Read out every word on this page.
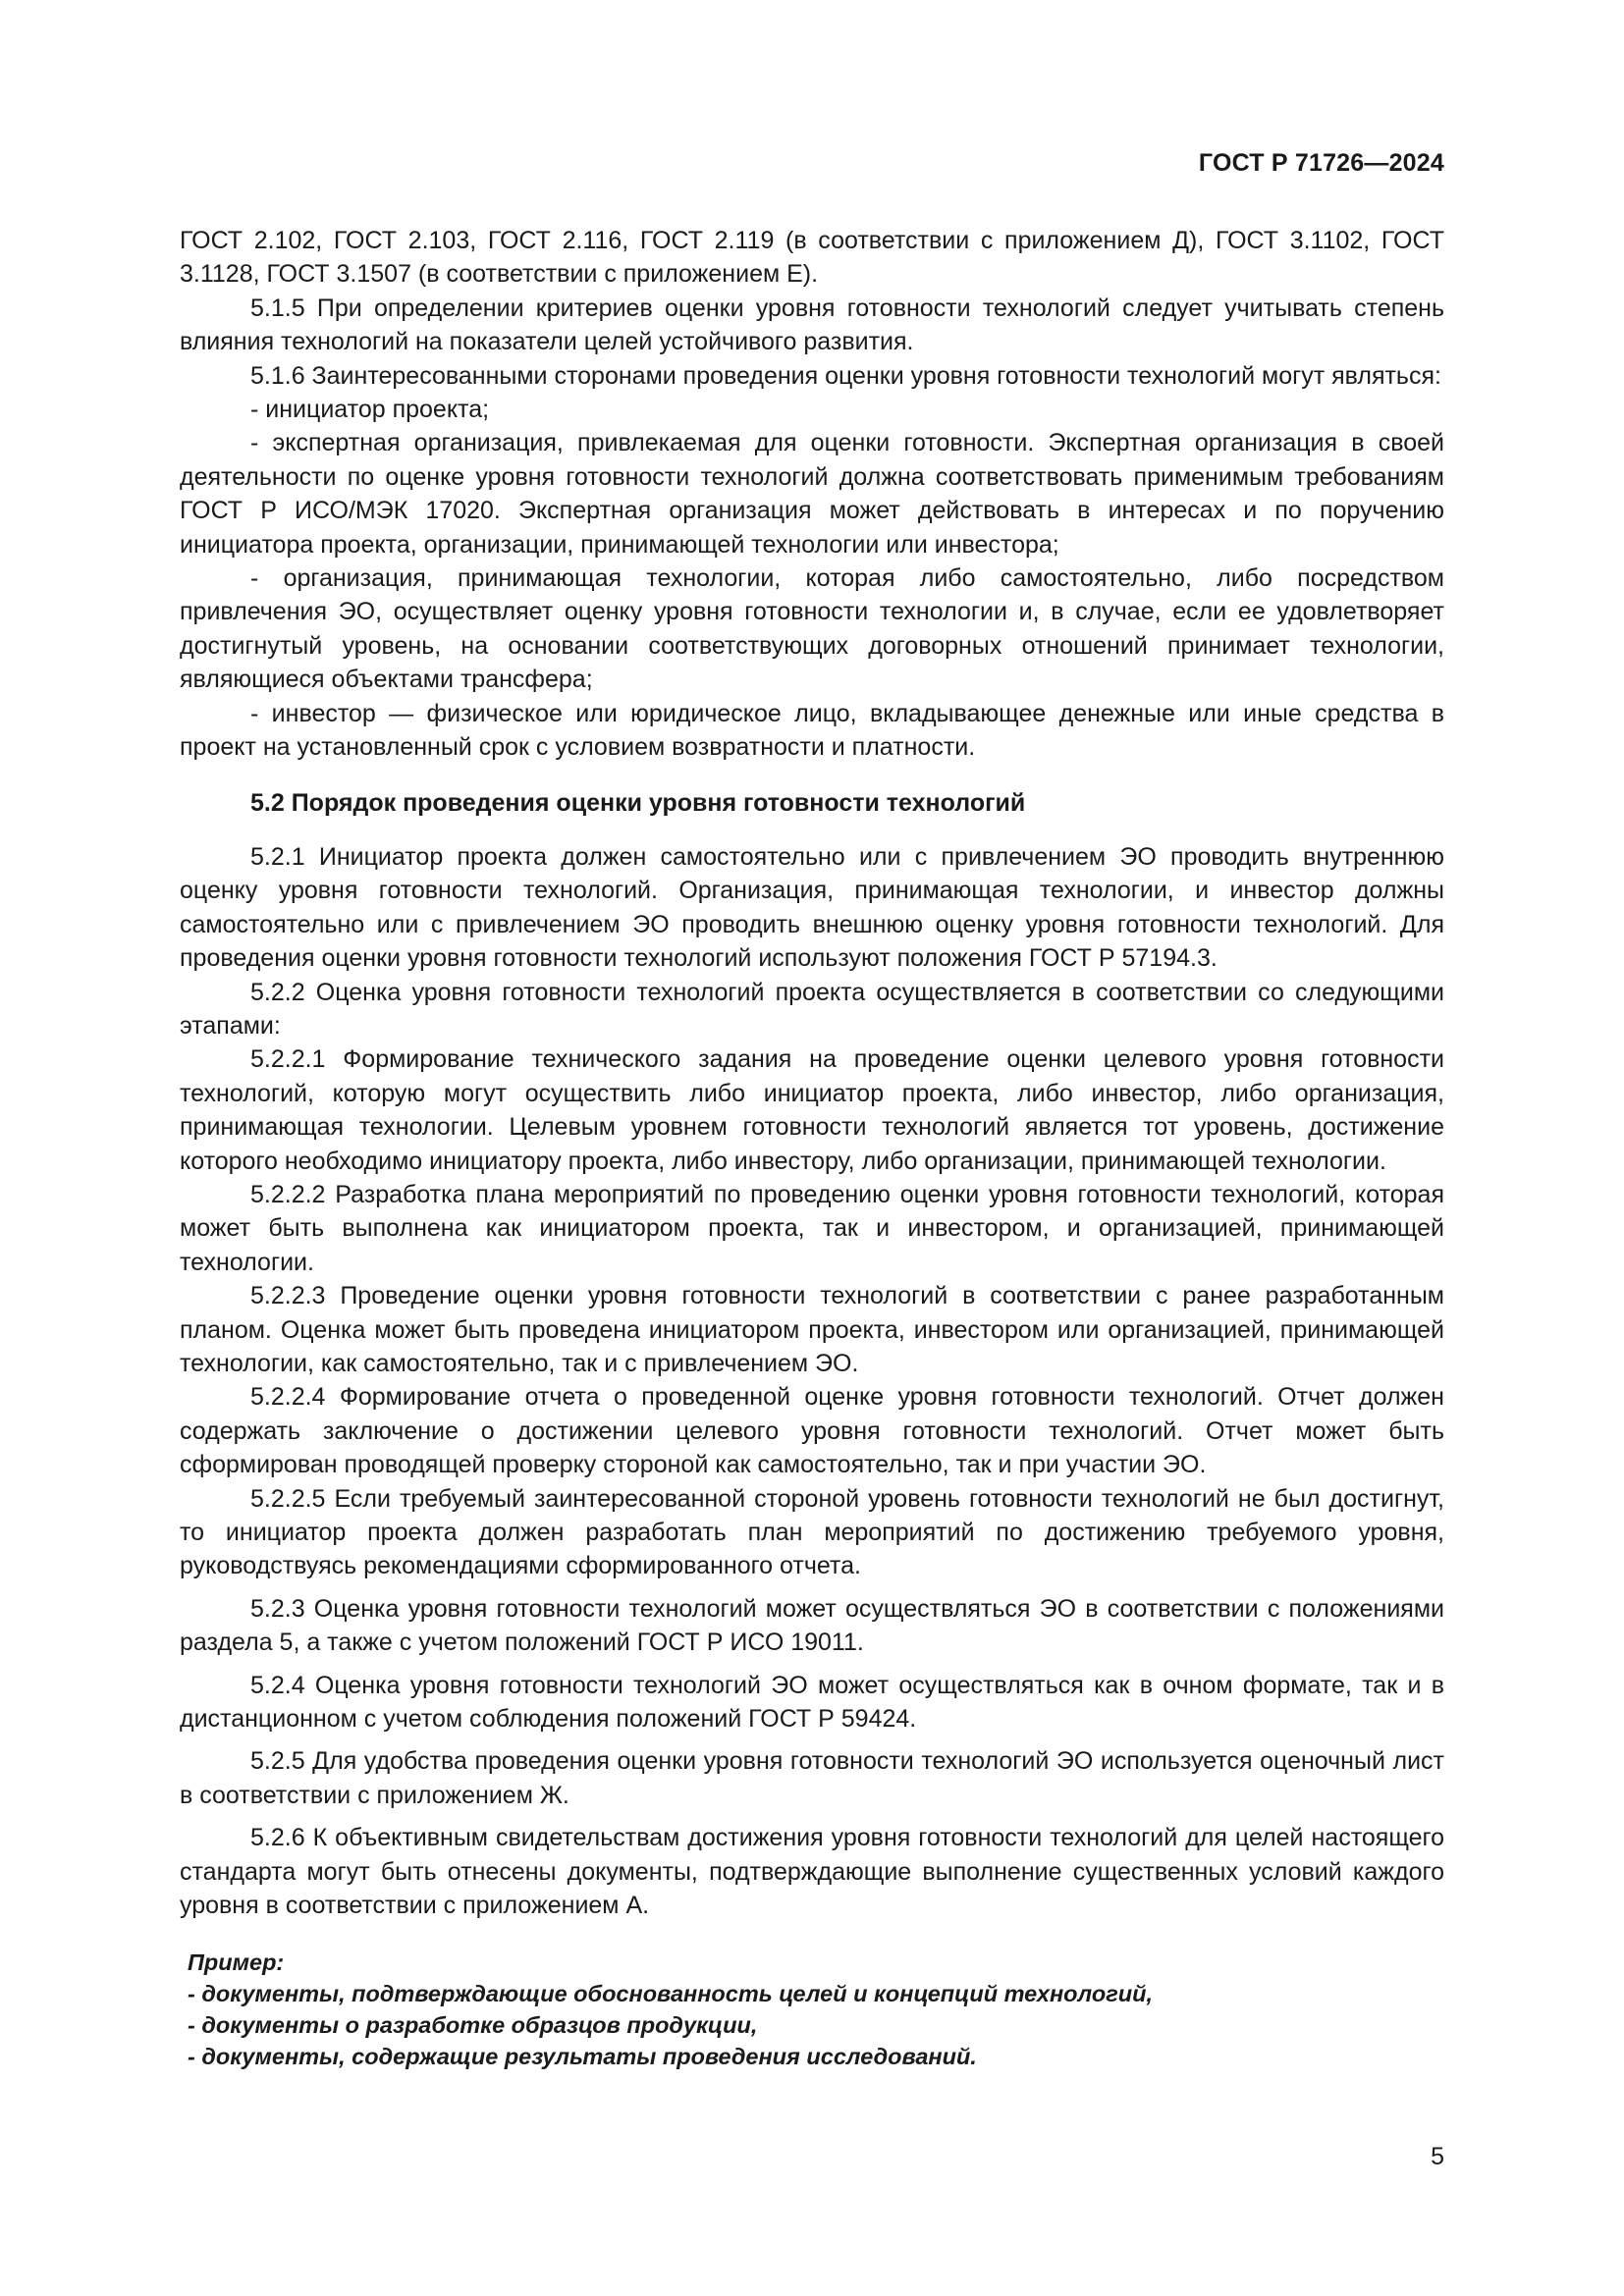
ГОСТ Р 71726—2024

ГОСТ 2.102, ГОСТ 2.103, ГОСТ 2.116, ГОСТ 2.119 (в соответствии с приложением Д), ГОСТ 3.1102, ГОСТ 3.1128, ГОСТ 3.1507 (в соответствии с приложением Е).

5.1.5 При определении критериев оценки уровня готовности технологий следует учитывать степень влияния технологий на показатели целей устойчивого развития.

5.1.6 Заинтересованными сторонами проведения оценки уровня готовности технологий могут являться:

- инициатор проекта;

- экспертная организация, привлекаемая для оценки готовности. Экспертная организация в своей деятельности по оценке уровня готовности технологий должна соответствовать применимым требованиям ГОСТ Р ИСО/МЭК 17020. Экспертная организация может действовать в интересах и по поручению инициатора проекта, организации, принимающей технологии или инвестора;

- организация, принимающая технологии, которая либо самостоятельно, либо посредством привлечения ЭО, осуществляет оценку уровня готовности технологии и, в случае, если ее удовлетворяет достигнутый уровень, на основании соответствующих договорных отношений принимает технологии, являющиеся объектами трансфера;

- инвестор — физическое или юридическое лицо, вкладывающее денежные или иные средства в проект на установленный срок с условием возвратности и платности.

5.2 Порядок проведения оценки уровня готовности технологий

5.2.1 Инициатор проекта должен самостоятельно или с привлечением ЭО проводить внутреннюю оценку уровня готовности технологий. Организация, принимающая технологии, и инвестор должны самостоятельно или с привлечением ЭО проводить внешнюю оценку уровня готовности технологий. Для проведения оценки уровня готовности технологий используют положения ГОСТ Р 57194.3.

5.2.2 Оценка уровня готовности технологий проекта осуществляется в соответствии со следующими этапами:

5.2.2.1 Формирование технического задания на проведение оценки целевого уровня готовности технологий, которую могут осуществить либо инициатор проекта, либо инвестор, либо организация, принимающая технологии. Целевым уровнем готовности технологий является тот уровень, достижение которого необходимо инициатору проекта, либо инвестору, либо организации, принимающей технологии.

5.2.2.2 Разработка плана мероприятий по проведению оценки уровня готовности технологий, которая может быть выполнена как инициатором проекта, так и инвестором, и организацией, принимающей технологии.

5.2.2.3 Проведение оценки уровня готовности технологий в соответствии с ранее разработанным планом. Оценка может быть проведена инициатором проекта, инвестором или организацией, принимающей технологии, как самостоятельно, так и с привлечением ЭО.

5.2.2.4 Формирование отчета о проведенной оценке уровня готовности технологий. Отчет должен содержать заключение о достижении целевого уровня готовности технологий. Отчет может быть сформирован проводящей проверку стороной как самостоятельно, так и при участии ЭО.

5.2.2.5 Если требуемый заинтересованной стороной уровень готовности технологий не был достигнут, то инициатор проекта должен разработать план мероприятий по достижению требуемого уровня, руководствуясь рекомендациями сформированного отчета.

5.2.3 Оценка уровня готовности технологий может осуществляться ЭО в соответствии с положениями раздела 5, а также с учетом положений ГОСТ Р ИСО 19011.

5.2.4 Оценка уровня готовности технологий ЭО может осуществляться как в очном формате, так и в дистанционном с учетом соблюдения положений ГОСТ Р 59424.

5.2.5 Для удобства проведения оценки уровня готовности технологий ЭО используется оценочный лист в соответствии с приложением Ж.

5.2.6 К объективным свидетельствам достижения уровня готовности технологий для целей настоящего стандарта могут быть отнесены документы, подтверждающие выполнение существенных условий каждого уровня в соответствии с приложением А.

Пример:

- документы, подтверждающие обоснованность целей и концепций технологий,

- документы о разработке образцов продукции,

- документы, содержащие результаты проведения исследований.

5
